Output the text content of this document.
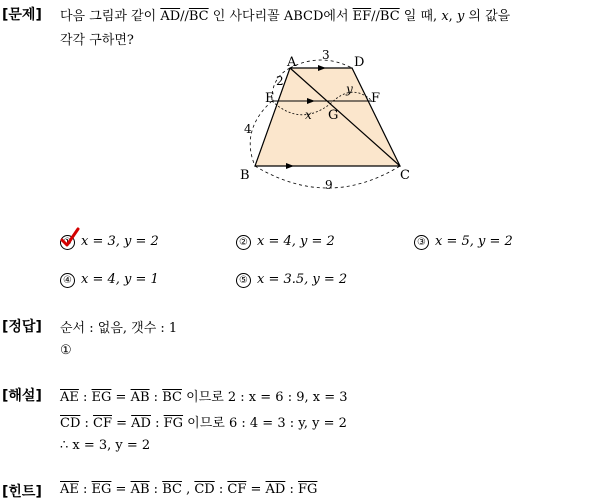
[문제] 다음 그림과 같이 $\overline{AD}//\overline{BC}$ 인 사다리꼴 ABCD에서 $\overline{EF}//\overline{BC}$ 일 때, x, y 의 값을
각각 구하면?
A	D
E	F
G
B	C
3
2
4
9
x
y
① x = 3, y = 2	② x = 4, y = 2	③ x = 5, y = 2
④ x = 4, y = 1	⑤ x = 3.5, y = 2
[정답] 순서 : 없음, 갯수 : 1
①
[해설] $\overline{AE}$ : $\overline{EG} = \overline{AB}$ : $\overline{BC}$ 이므로 2 : x = 6 : 9, x = 3
$\overline{CD}$ : $\overline{CF} = \overline{AD}$ : $\overline{FG}$ 이므로 6 : 4 = 3 : y, y = 2
∴ x = 3, y = 2
[힌트] $\overline{AE}$ : $\overline{EG} = \overline{AB}$ : $\overline{BC}$ , $\overline{CD}$ : $\overline{CF} = \overline{AD}$ : $\overline{FG}$
